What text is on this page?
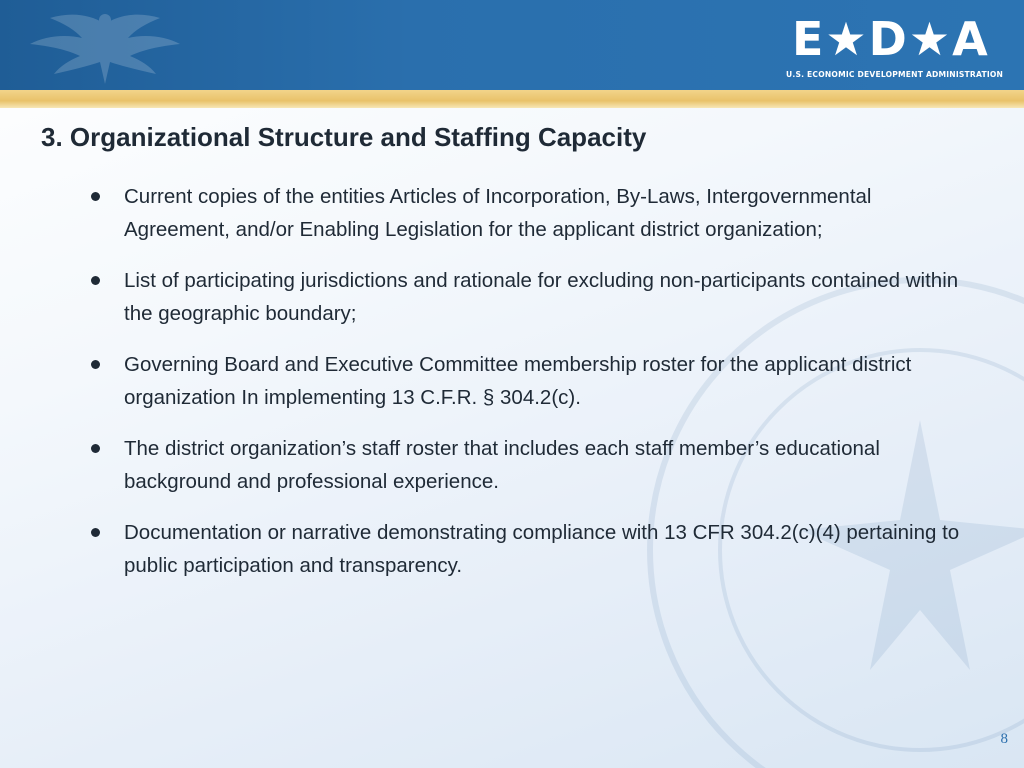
E★D★A
U.S. ECONOMIC DEVELOPMENT ADMINISTRATION
3. Organizational Structure and Staffing Capacity
Current copies of the entities Articles of Incorporation, By-Laws, Intergovernmental Agreement, and/or Enabling Legislation for the applicant district organization;
List of participating jurisdictions and rationale for excluding non-participants contained within the geographic boundary;
Governing Board and Executive Committee membership roster for the applicant district organization In implementing 13 C.F.R. § 304.2(c).
The district organization’s staff roster that includes each staff member’s educational background and professional experience.
Documentation or narrative demonstrating compliance with 13 CFR 304.2(c)(4) pertaining to public participation and transparency.
8
